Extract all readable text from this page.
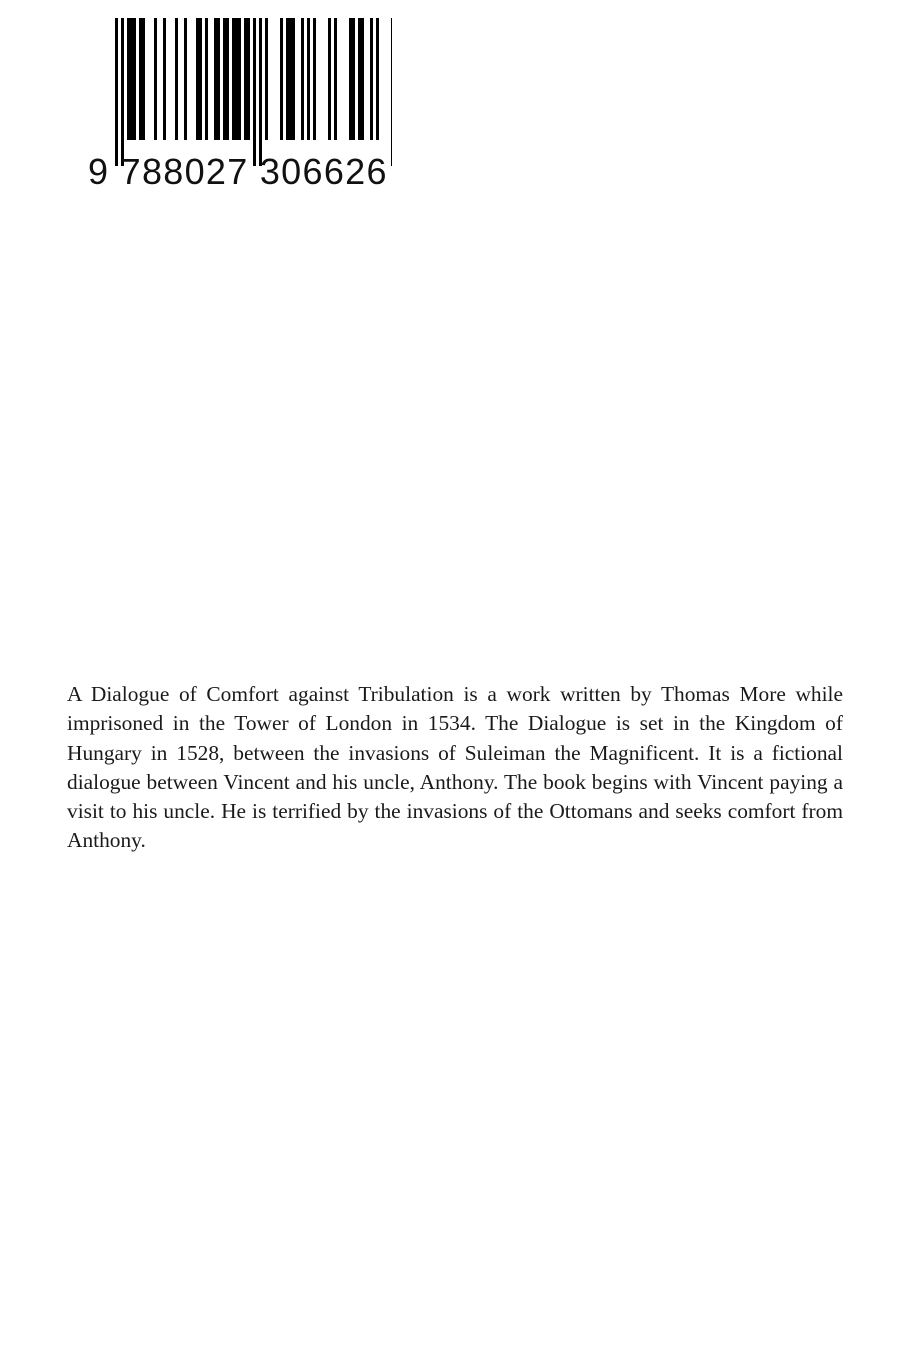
9 788027 306626

A Dialogue of Comfort against Tribulation is a work written by Thomas More while imprisoned in the Tower of London in 1534. The Dialogue is set in the Kingdom of Hungary in 1528, between the invasions of Suleiman the Magnificent. It is a fictional dialogue between Vincent and his uncle, Anthony. The book begins with Vincent paying a visit to his uncle. He is terrified by the invasions of the Ottomans and seeks comfort from Anthony.
